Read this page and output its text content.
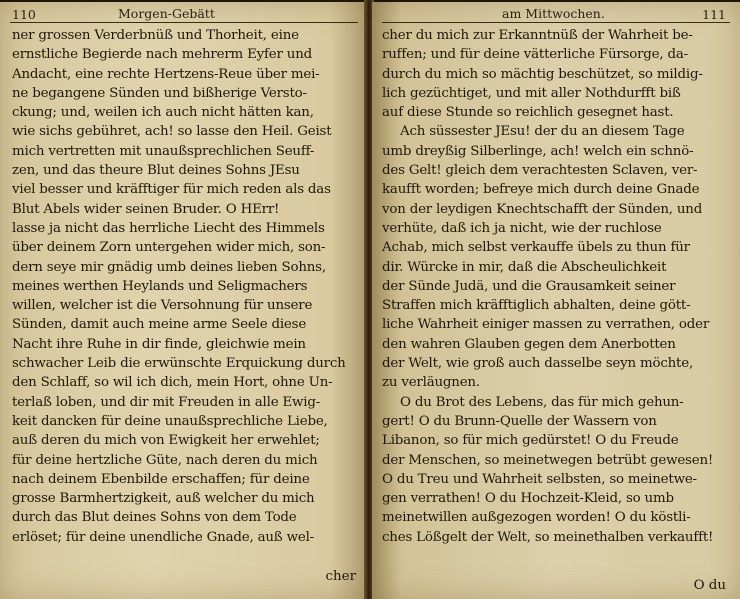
110	Morgen-Gebätt
ner grossen Verderbnüß und Thorheit, eine
ernstliche Begierde nach mehrerm Eyfer und
Andacht, eine rechte Hertzens-Reue über mei-
ne begangene Sünden und bißherige Versto-
ckung; und, weilen ich auch nicht hätten kan,
wie sichs gebühret, ach! so lasse den Heil. Geist
mich vertretten mit unaußsprechlichen Seuff-
zen, und das theure Blut deines Sohns JEsu
viel besser und kräfftiger für mich reden als das
Blut Abels wider seinen Bruder. O HErr!
lasse ja nicht das herrliche Liecht des Himmels
über deinem Zorn untergehen wider mich, son-
dern seye mir gnädig umb deines lieben Sohns,
meines werthen Heylands und Seligmachers
willen, welcher ist die Versohnung für unsere
Sünden, damit auch meine arme Seele diese
Nacht ihre Ruhe in dir finde, gleichwie mein
schwacher Leib die erwünschte Erquickung durch
den Schlaff, so wil ich dich, mein Hort, ohne Un-
terlaß loben, und dir mit Freuden in alle Ewig-
keit dancken für deine unaußsprechliche Liebe,
auß deren du mich von Ewigkeit her erwehlet;
für deine hertzliche Güte, nach deren du mich
nach deinem Ebenbilde erschaffen; für deine
grosse Barmhertzigkeit, auß welcher du mich
durch das Blut deines Sohns von dem Tode
erlöset; für deine unendliche Gnade, auß wel-
cher
am Mittwochen.	111
cher du mich zur Erkanntnüß der Wahrheit be-
ruffen; und für deine vätterliche Fürsorge, da-
durch du mich so mächtig beschützet, so mildig-
lich gezüchtiget, und mit aller Nothdurfft biß
auf diese Stunde so reichlich gesegnet hast.
Ach süssester JEsu! der du an diesem Tage
umb dreyßig Silberlinge, ach! welch ein schnö-
des Gelt! gleich dem verachtesten Sclaven, ver-
kaufft worden; befreye mich durch deine Gnade
von der leydigen Knechtschafft der Sünden, und
verhüte, daß ich ja nicht, wie der ruchlose
Achab, mich selbst verkauffe übels zu thun für
dir. Würcke in mir, daß die Abscheulichkeit
der Sünde Judä, und die Grausamkeit seiner
Straffen mich kräfftiglich abhalten, deine gött-
liche Wahrheit einiger massen zu verrathen, oder
den wahren Glauben gegen dem Anerbotten
der Welt, wie groß auch dasselbe seyn möchte,
zu verläugnen.
O du Brot des Lebens, das für mich gehun-
gert! O du Brunn-Quelle der Wassern von
Libanon, so für mich gedürstet! O du Freude
der Menschen, so meinetwegen betrübt gewesen!
O du Treu und Wahrheit selbsten, so meinetwe-
gen verrathen! O du Hochzeit-Kleid, so umb
meinetwillen außgezogen worden! O du köstli-
ches Lößgelt der Welt, so meinethalben verkaufft!
O du
